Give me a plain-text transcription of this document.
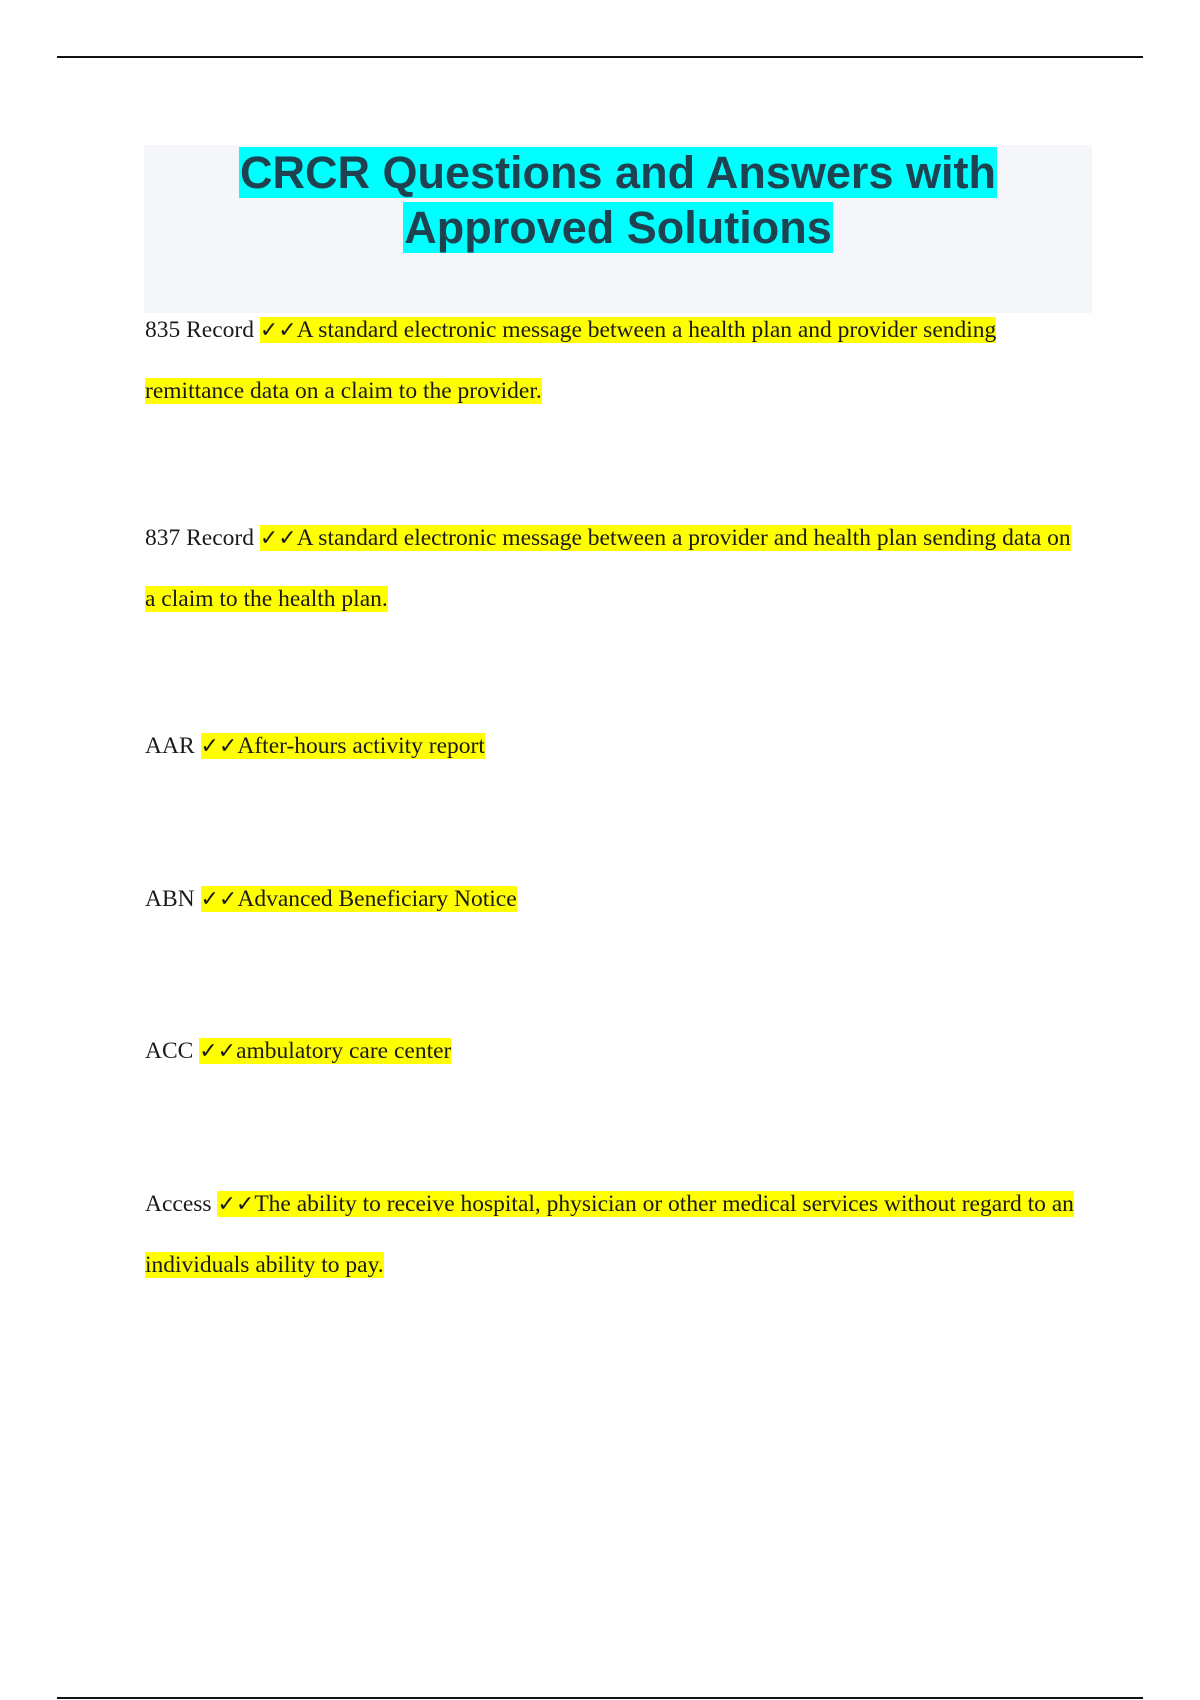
CRCR Questions and Answers with

Approved Solutions

835 Record ✓✓A standard electronic message between a health plan and provider sending remittance data on a claim to the provider.

837 Record ✓✓A standard electronic message between a provider and health plan sending data on a claim to the health plan.

AAR ✓✓After-hours activity report

ABN ✓✓Advanced Beneficiary Notice

ACC ✓✓ambulatory care center

Access ✓✓The ability to receive hospital, physician or other medical services without regard to an individuals ability to pay.
